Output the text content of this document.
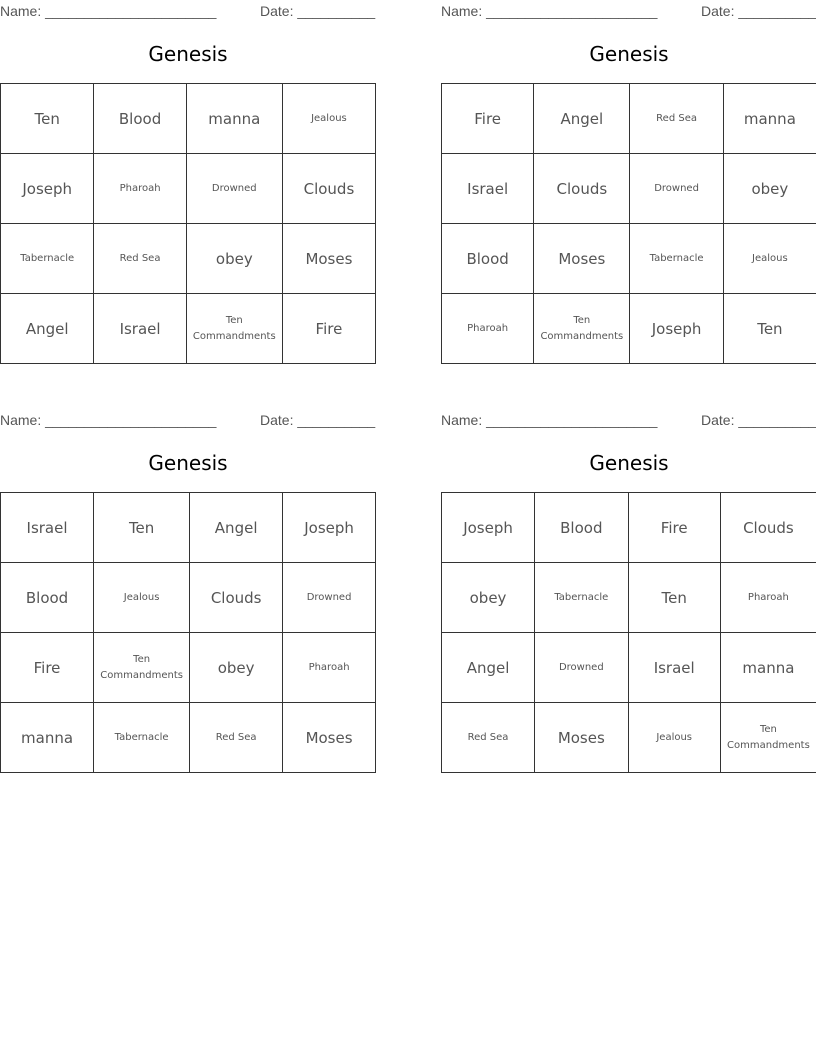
Name: ______________________	Date: __________
Genesis
Ten	Blood	manna	Jealous
Joseph	Pharoah	Drowned	Clouds
Tabernacle	Red Sea	obey	Moses
Angel	Israel	Ten Commandments	Fire
Name: ______________________	Date: __________
Genesis
Fire	Angel	Red Sea	manna
Israel	Clouds	Drowned	obey
Blood	Moses	Tabernacle	Jealous
Pharoah	Ten Commandments	Joseph	Ten
Name: ______________________	Date: __________
Genesis
Israel	Ten	Angel	Joseph
Blood	Jealous	Clouds	Drowned
Fire	Ten Commandments	obey	Pharoah
manna	Tabernacle	Red Sea	Moses
Name: ______________________	Date: __________
Genesis
Joseph	Blood	Fire	Clouds
obey	Tabernacle	Ten	Pharoah
Angel	Drowned	Israel	manna
Red Sea	Moses	Jealous	Ten Commandments
